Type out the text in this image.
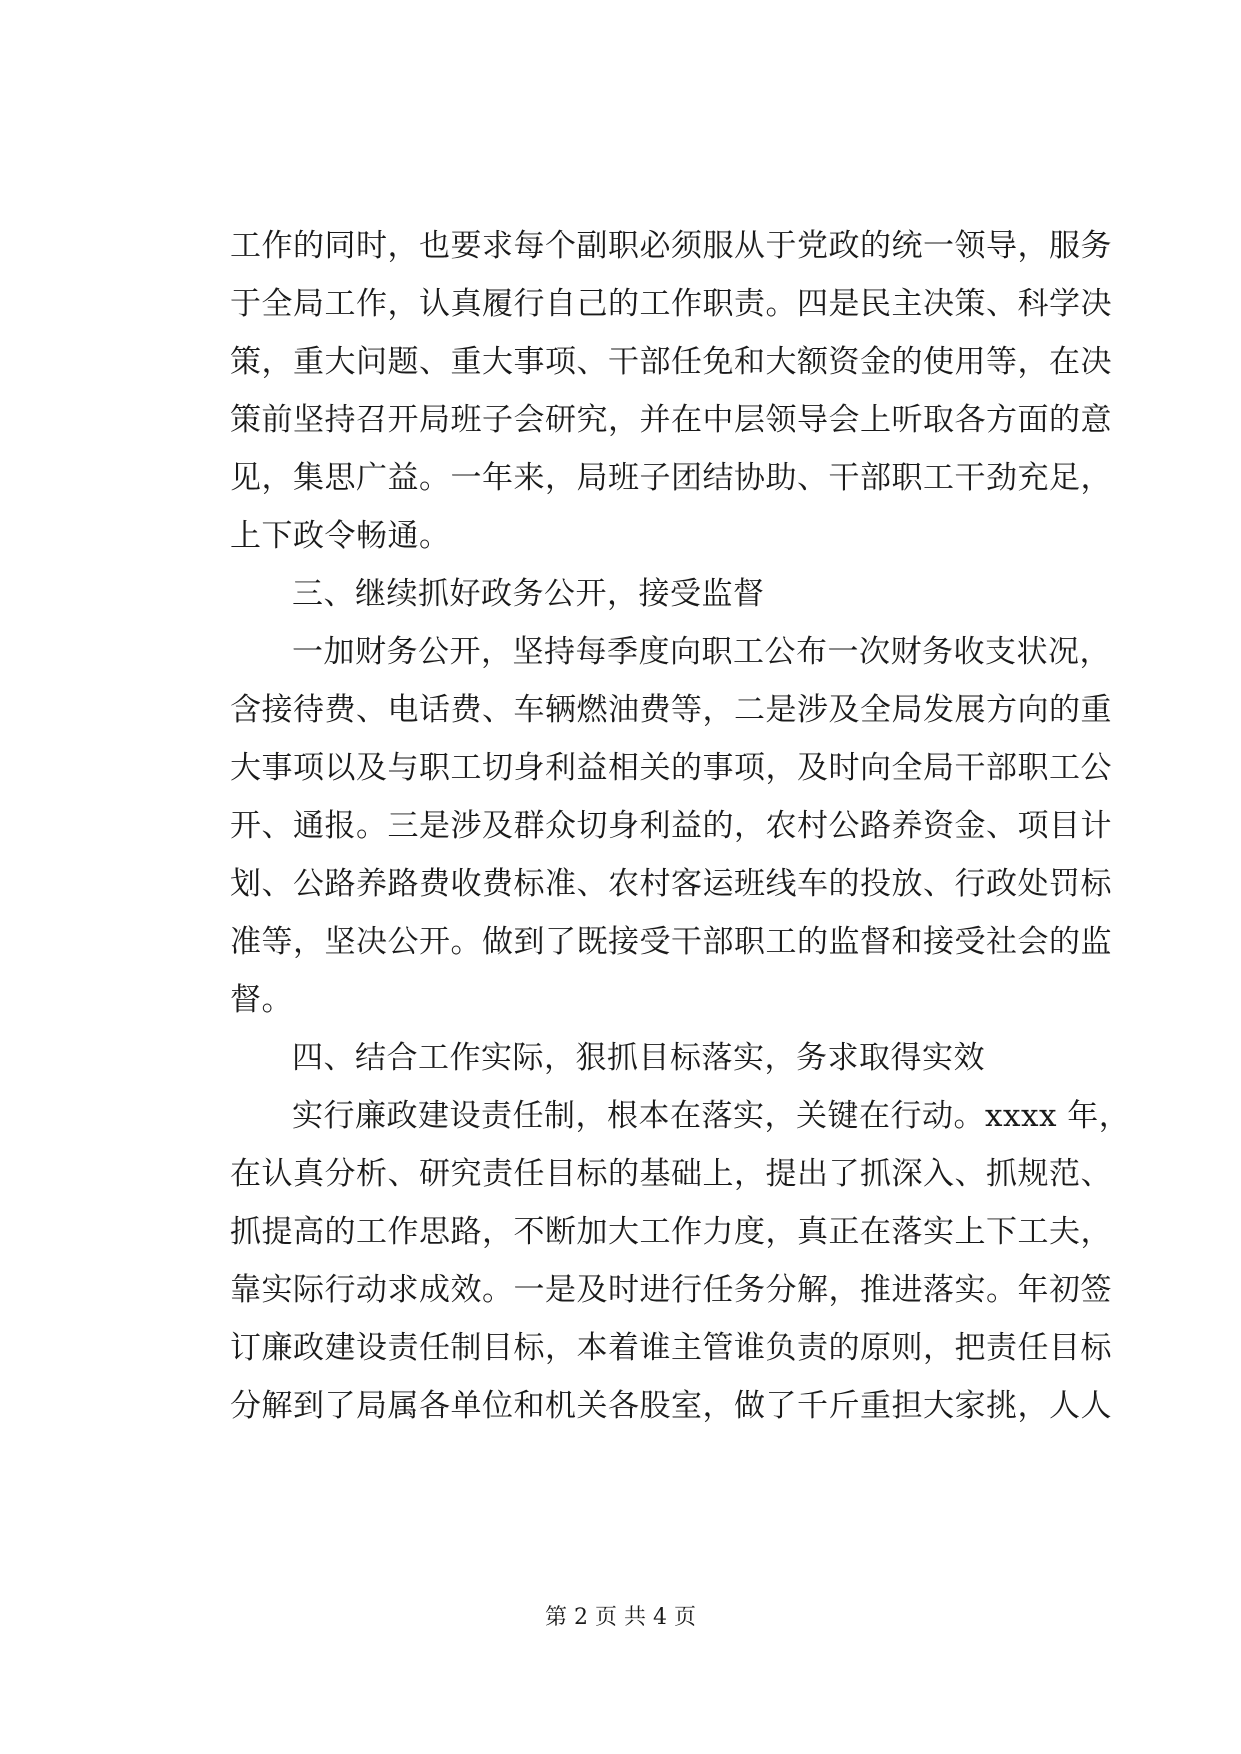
工作的同时，也要求每个副职必须服从于党政的统一领导，服务
于全局工作，认真履行自己的工作职责。四是民主决策、科学决
策，重大问题、重大事项、干部任免和大额资金的使用等，在决
策前坚持召开局班子会研究，并在中层领导会上听取各方面的意
见，集思广益。一年来，局班子团结协助、干部职工干劲充足，
上下政令畅通。
三、继续抓好政务公开，接受监督
一加财务公开，坚持每季度向职工公布一次财务收支状况，
含接待费、电话费、车辆燃油费等，二是涉及全局发展方向的重
大事项以及与职工切身利益相关的事项，及时向全局干部职工公
开、通报。三是涉及群众切身利益的，农村公路养资金、项目计
划、公路养路费收费标准、农村客运班线车的投放、行政处罚标
准等，坚决公开。做到了既接受干部职工的监督和接受社会的监
督。
四、结合工作实际，狠抓目标落实，务求取得实效
实行廉政建设责任制，根本在落实，关键在行动。xxxx 年，
在认真分析、研究责任目标的基础上，提出了抓深入、抓规范、
抓提高的工作思路，不断加大工作力度，真正在落实上下工夫，
靠实际行动求成效。一是及时进行任务分解，推进落实。年初签
订廉政建设责任制目标，本着谁主管谁负责的原则，把责任目标
分解到了局属各单位和机关各股室，做了千斤重担大家挑，人人
第 2 页 共 4 页
